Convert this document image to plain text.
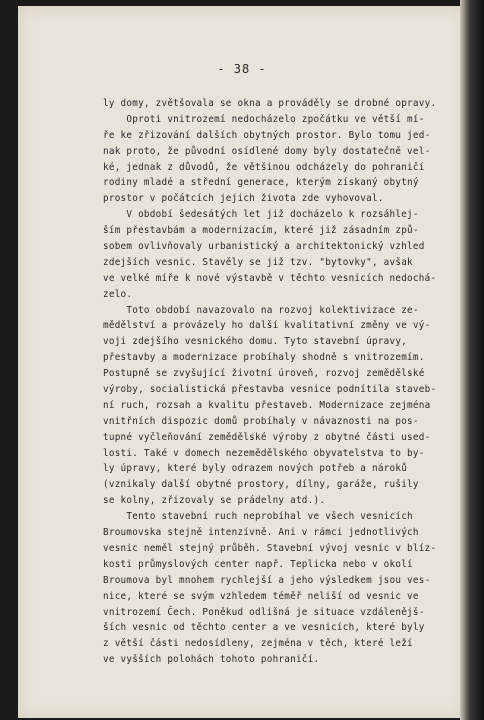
- 38 -
ly domy, zvětšovala se okna a prováděly se drobné opravy.
Oproti vnitrozemí nedocházelo zpočátku ve větší mí-
ře ke zřizování dalších obytných prostor. Bylo tomu jed-
nak proto, že původní osídlené domy byly dostatečně vel-
ké, jednak z důvodů, že většinou odcházely do pohraničí
rodiny mladé a střední generace, kterým získaný obytný
prostor v počátcích jejich života zde vyhovoval.
V období šedesátých let již docházelo k rozsáhlej-
ším přestavbám a modernizacím, které již zásadním způ-
sobem ovlivňovaly urbanistický a architektonický vzhled
zdejších vesnic. Stavěly se již tzv. "bytovky", avšak
ve velké míře k nové výstavbě v těchto vesnicích nedochá-
zelo.
Toto období navazovalo na rozvoj kolektivizace ze-
mědělství a provázely ho další kvalitativní změny ve vý-
voji zdejšího vesnického domu. Tyto stavební úpravy,
přestavby a modernizace probíhaly shodně s vnitrozemím.
Postupně se zvyšující životní úroveň, rozvoj zemědělské
výroby, socialistická přestavba vesnice podnítila staveb-
ní ruch, rozsah a kvalitu přestaveb. Modernizace zejména
vnitřních dispozic domů probíhaly v návaznosti na pos-
tupné vyčleňování zemědělské výroby z obytné části used-
losti. Také v domech nezemědělského obyvatelstva to by-
ly úpravy, které byly odrazem nových potřeb a nároků
(vznikaly další obytné prostory, dílny, garáže, rušily
se kolny, zřizovaly se prádelny atd.).
Tento stavební ruch neprobíhal ve všech vesnicích
Broumovska stejně intenzívně. Ani v rámci jednotlivých
vesnic neměl stejný průběh. Stavební vývoj vesnic v blíz-
kosti průmyslových center např. Teplicka nebo v okolí
Broumova byl mnohem rychlejší a jeho výsledkem jsou ves-
nice, které se svým vzhledem téměř neliší od vesnic ve
vnitrozemí Čech. Poněkud odlišná je situace vzdálenějš-
ších vesnic od těchto center a ve vesnicích, které byly
z větší části nedosídleny, zejména v těch, které leží
ve vyšších polohách tohoto pohraničí.
